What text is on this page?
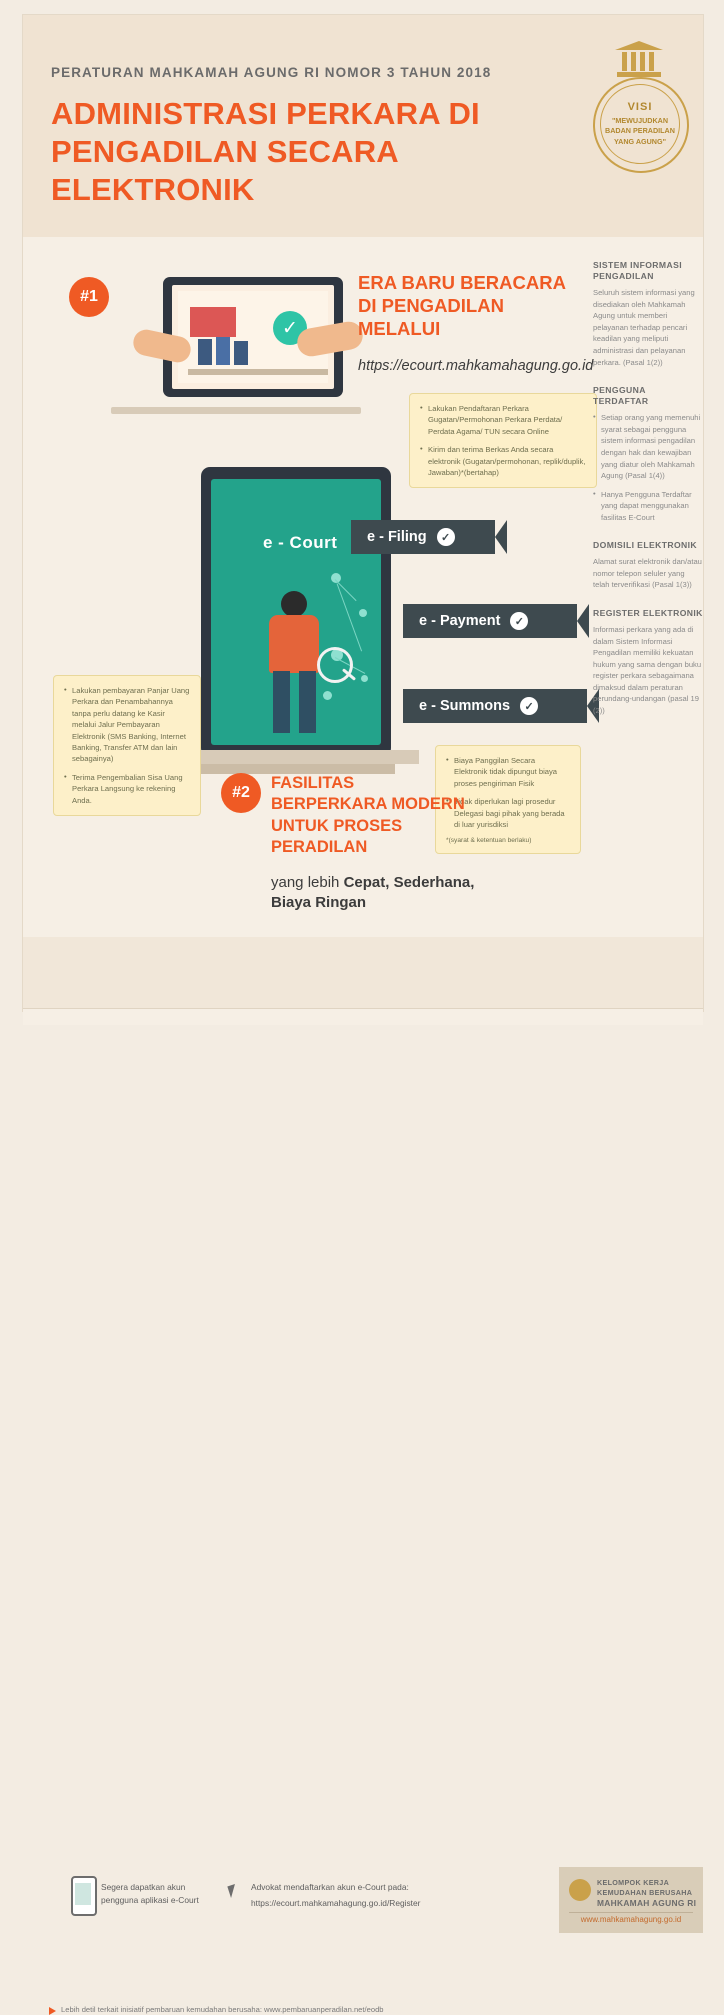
PERATURAN MAHKAMAH AGUNG RI NOMOR 3 TAHUN 2018
ADMINISTRASI PERKARA DI PENGADILAN SECARA ELEKTRONIK
VISI
"MEWUJUDKAN BADAN PERADILAN YANG AGUNG"
#1
✓
ERA BARU BERACARA DI PENGADILAN MELALUI
https://ecourt.mahkamahagung.go.id
• Lakukan Pendaftaran Perkara Gugatan/Permohonan Perkara Perdata/ Perdata Agama/ TUN secara Online
• Kirim dan terima Berkas Anda secara elektronik (Gugatan/permohonan, replik/duplik, Jawaban)*(bertahap)
e - Court e - Filing	✓
e - Payment	✓
e - Summons	✓
• Lakukan pembayaran Panjar Uang Perkara dan Penambahannya tanpa perlu datang ke Kasir melalui Jalur Pembayaran Elektronik (SMS Banking, Internet Banking, Transfer ATM dan lain sebagainya)
• Terima Pengembalian Sisa Uang Perkara Langsung ke rekening Anda.
• Biaya Panggilan Secara Elektronik tidak dipungut biaya proses pengiriman Fisik
• Tidak diperlukan lagi prosedur Delegasi bagi pihak yang berada di luar yurisdiksi
*(syarat & ketentuan berlaku)
#2
FASILITAS BERPERKARA MODERN UNTUK PROSES PERADILAN
yang lebih Cepat, Sederhana, Biaya Ringan
SISTEM INFORMASI PENGADILAN
Seluruh sistem informasi yang disediakan oleh Mahkamah Agung untuk memberi pelayanan terhadap pencari keadilan yang meliputi administrasi dan pelayanan perkara. (Pasal 1(2))
PENGGUNA TERDAFTAR
• Setiap orang yang memenuhi syarat sebagai pengguna sistem informasi pengadilan dengan hak dan kewajiban yang diatur oleh Mahkamah Agung (Pasal 1(4))
• Hanya Pengguna Terdaftar yang dapat menggunakan fasilitas E-Court
DOMISILI ELEKTRONIK
Alamat surat elektronik dan/atau nomor telepon seluler yang telah terverifikasi (Pasal 1(3))
REGISTER ELEKTRONIK
Informasi perkara yang ada di dalam Sistem Informasi Pengadilan memiliki kekuatan hukum yang sama dengan buku register perkara sebagaimana dimaksud dalam peraturan perundang-undangan (pasal 19 (2))
Segera dapatkan akun pengguna aplikasi e-Court
Advokat mendaftarkan akun e-Court pada:
https://ecourt.mahkamahagung.go.id/Register
KELOMPOK KERJA KEMUDAHAN BERUSAHA
MAHKAMAH AGUNG RI
www.mahkamahagung.go.id
Lebih detil terkait inisiatif pembaruan kemudahan berusaha: www.pembaruanperadilan.net/eodb
